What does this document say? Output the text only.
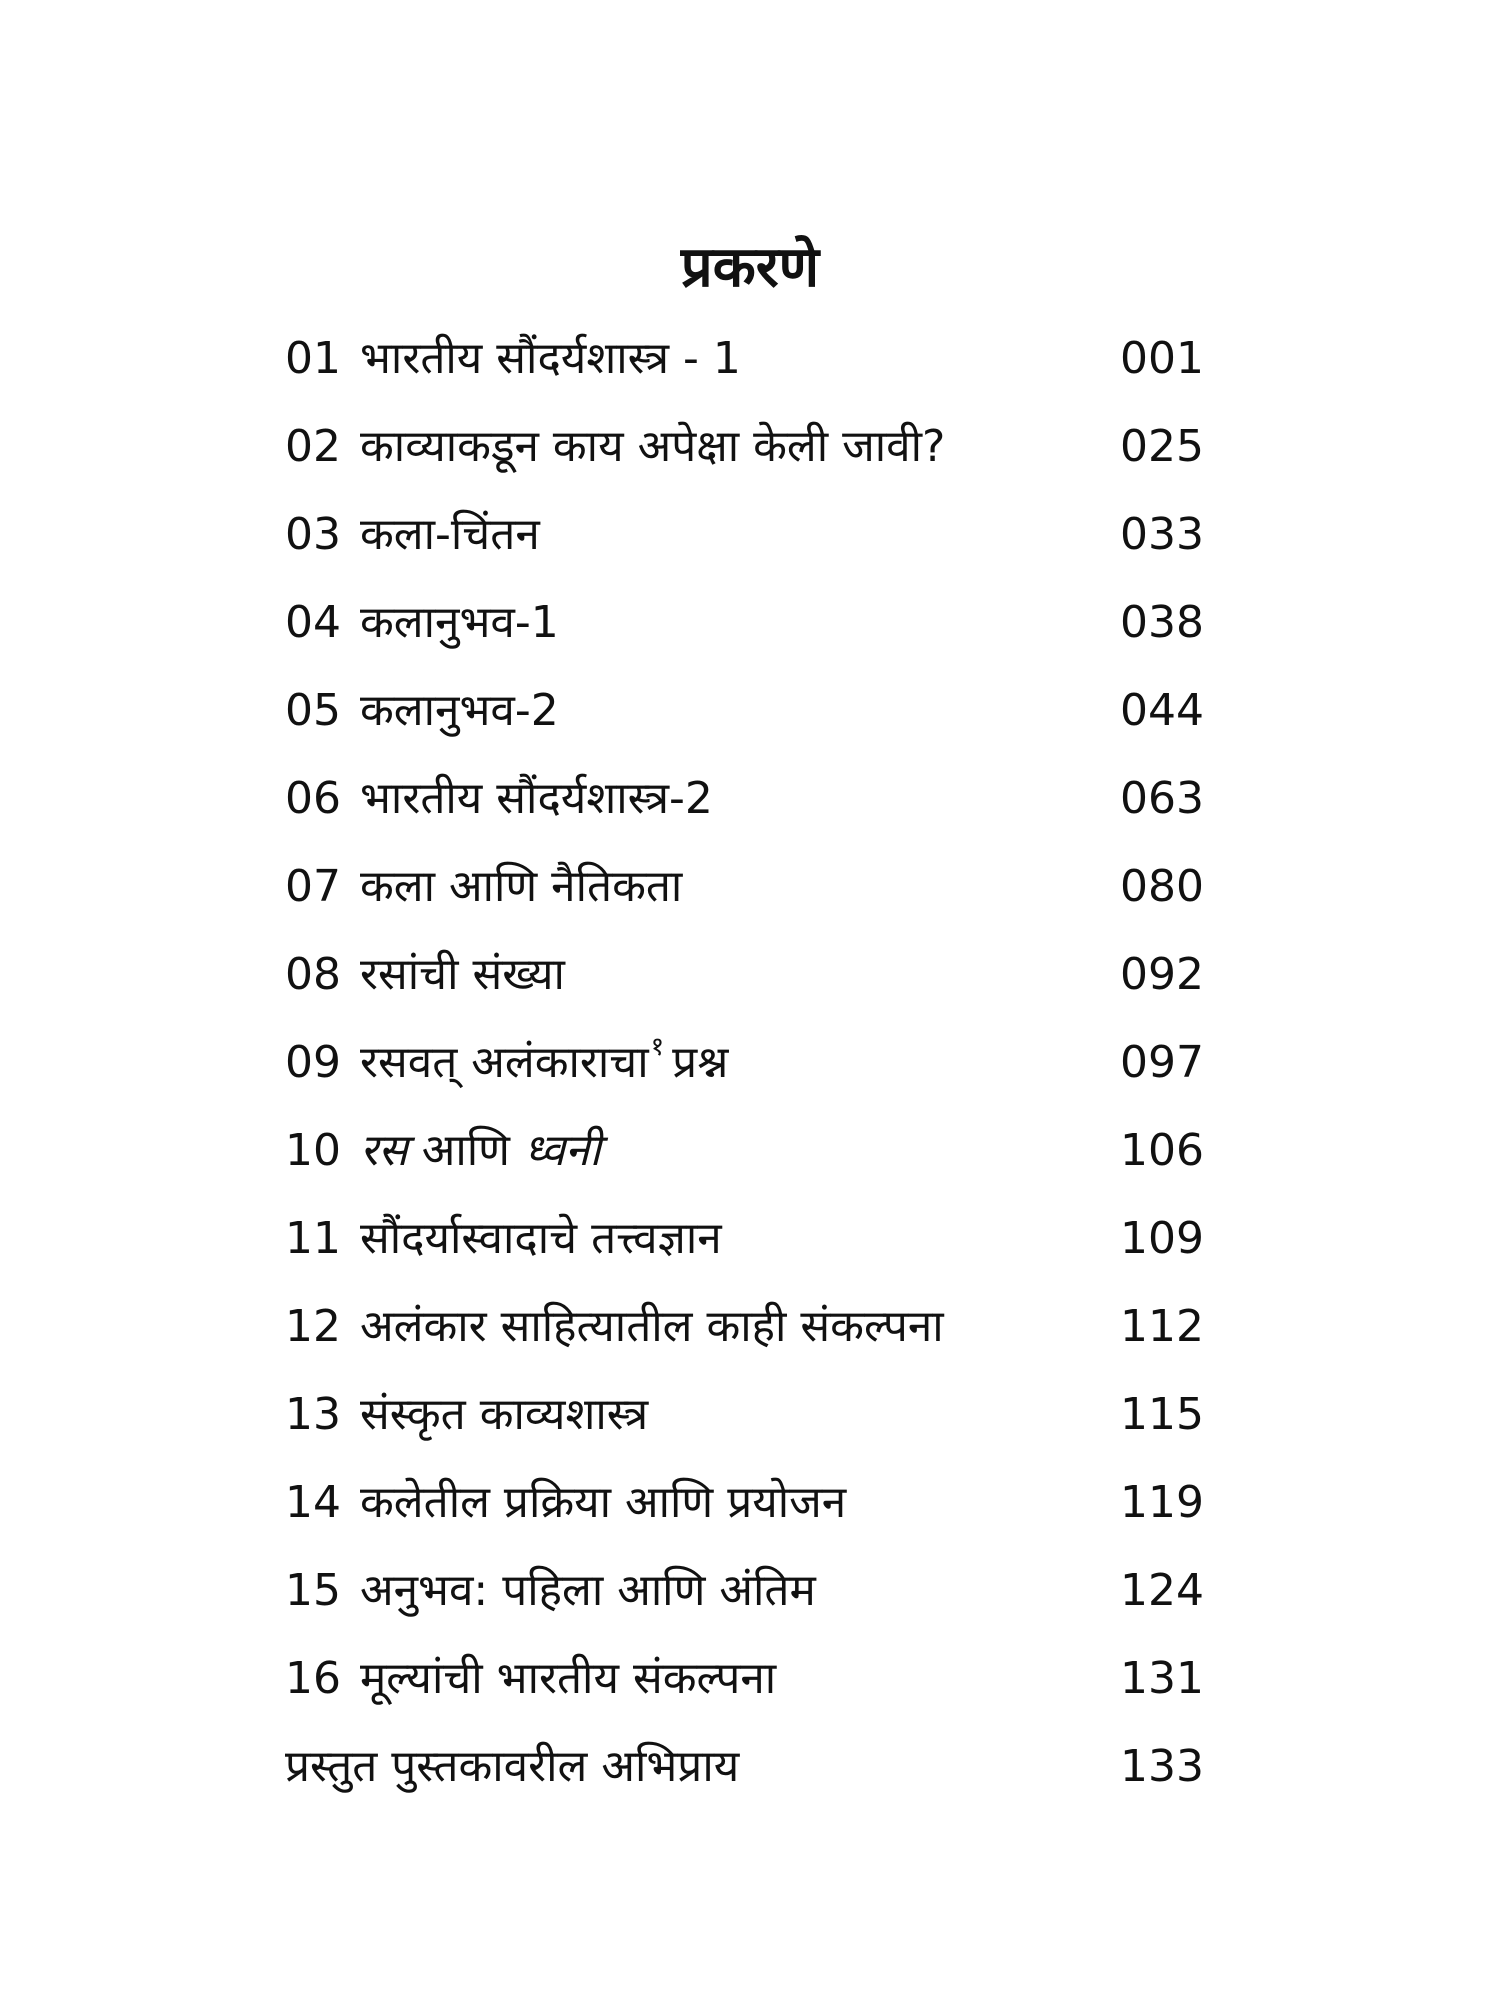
प्रकरणे
01 भारतीय सौंदर्यशास्त्र - 1	001
02 काव्याकडून काय अपेक्षा केली जावी?	025
03 कला-चिंतन	033
04 कलानुभव-1	038
05 कलानुभव-2	044
06 भारतीय सौंदर्यशास्त्र-2	063
07 कला आणि नैतिकता	080
08 रसांची संख्या	092
09 रसवत् अलंकाराचा$^१$ प्रश्न	097
10 रस आणि ध्वनी	106
11 सौंदर्यास्वादाचे तत्त्वज्ञान	109
12 अलंकार साहित्यातील काही संकल्पना	112
13 संस्कृत काव्यशास्त्र	115
14 कलेतील प्रक्रिया आणि प्रयोजन	119
15 अनुभव: पहिला आणि अंतिम	124
16 मूल्यांची भारतीय संकल्पना	131
प्रस्तुत पुस्तकावरील अभिप्राय	133
